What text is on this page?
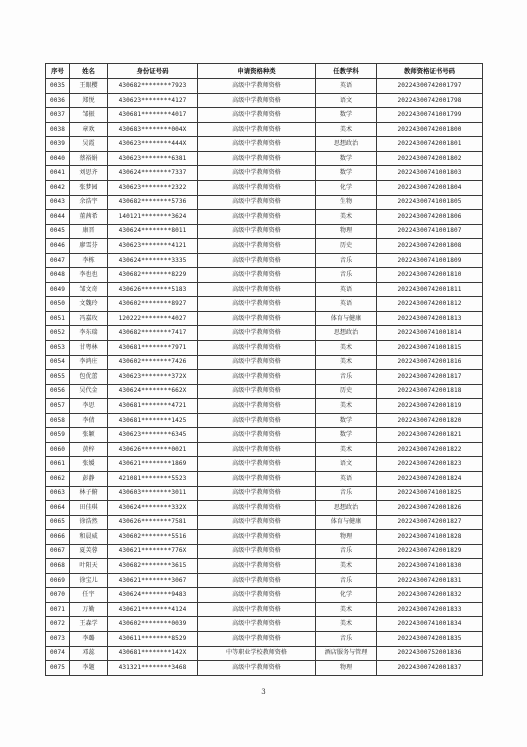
序号	姓名	身份证号码	申请资格种类	任教学科	教师资格证书号码
0035	王眼樱	430682********7923	高级中学教师资格	英语	20224300742001797
0036	郑悦	430623********4127	高级中学教师资格	语文	20224300742001798
0037	邹振	430681********4017	高级中学教师资格	数学	20224300741001799
0038	章欢	430683********004X	高级中学教师资格	美术	20224300742001800
0039	吴霞	430623********444X	高级中学教师资格	思想政治	20224300742001801
0040	蔡裕娟	430623********6381	高级中学教师资格	数学	20224300742001802
0041	刘思齐	430624********7337	高级中学教师资格	数学	20224300741001803
0042	张梦园	430623********2322	高级中学教师资格	化学	20224300742001804
0043	余浩宇	430682********5736	高级中学教师资格	生物	20224300741001805
0044	董茜希	140121********3624	高级中学教师资格	美术	20224300742001806
0045	康晋	430624********8011	高级中学教师资格	物理	20224300741001807
0046	廖雪芬	430623********4121	高级中学教师资格	历史	20224300742001808
0047	李栋	430624********3335	高级中学教师资格	音乐	20224300741001809
0048	李也也	430682********8229	高级中学教师资格	音乐	20224300742001810
0049	邹文奇	430626********5183	高级中学教师资格	英语	20224300742001811
0050	文魏玲	430602********8927	高级中学教师资格	英语	20224300742001812
0051	冯嘉玫	120222********4027	高级中学教师资格	体育与健康	20224300742001813
0052	李东瑞	430682********7417	高级中学教师资格	思想政治	20224300741001814
0053	甘粤林	430681********7971	高级中学教师资格	美术	20224300741001815
0054	李鸿庄	430602********7426	高级中学教师资格	美术	20224300742001816
0055	包优蕾	430623********372X	高级中学教师资格	音乐	20224300742001817
0056	吴代金	430624********662X	高级中学教师资格	历史	20224300742001818
0057	李思	430681********4721	高级中学教师资格	美术	20224300742001819
0058	李倩	430681********1425	高级中学教师资格	数学	20224300742001820
0059	张颖	430623********6345	高级中学教师资格	数学	20224300742001821
0060	黄梓	430626********0021	高级中学教师资格	美术	20224300742001822
0061	张媛	430621********1869	高级中学教师资格	语文	20224300742001823
0062	彭静	421081********5523	高级中学教师资格	英语	20224300742001824
0063	林子俯	430603********3011	高级中学教师资格	音乐	20224300741001825
0064	田佳琪	430624********332X	高级中学教师资格	思想政治	20224300742001826
0065	徐浩然	430626********7581	高级中学教师资格	体育与健康	20224300742001827
0066	和晨威	430602********5516	高级中学教师资格	物理	20224300741001828
0067	夏芙蓉	430621********776X	高级中学教师资格	音乐	20224300742001829
0068	叶阳天	430682********3615	高级中学教师资格	美术	20224300741001830
0069	徐宝儿	430621********3067	高级中学教师资格	音乐	20224300742001831
0070	任宇	430624********9483	高级中学教师资格	化学	20224300742001832
0071	万勤	430621********4124	高级中学教师资格	美术	20224300742001833
0072	王森学	430602********0039	高级中学教师资格	美术	20224300741001834
0073	李璐	430611********8529	高级中学教师资格	音乐	20224300742001835
0074	邓蕊	430681********142X	中等职业学校教师资格	酒店服务与管理	20224300752001836
0075	李题	431321********3468	高级中学教师资格	物理	20224300742001837
3
